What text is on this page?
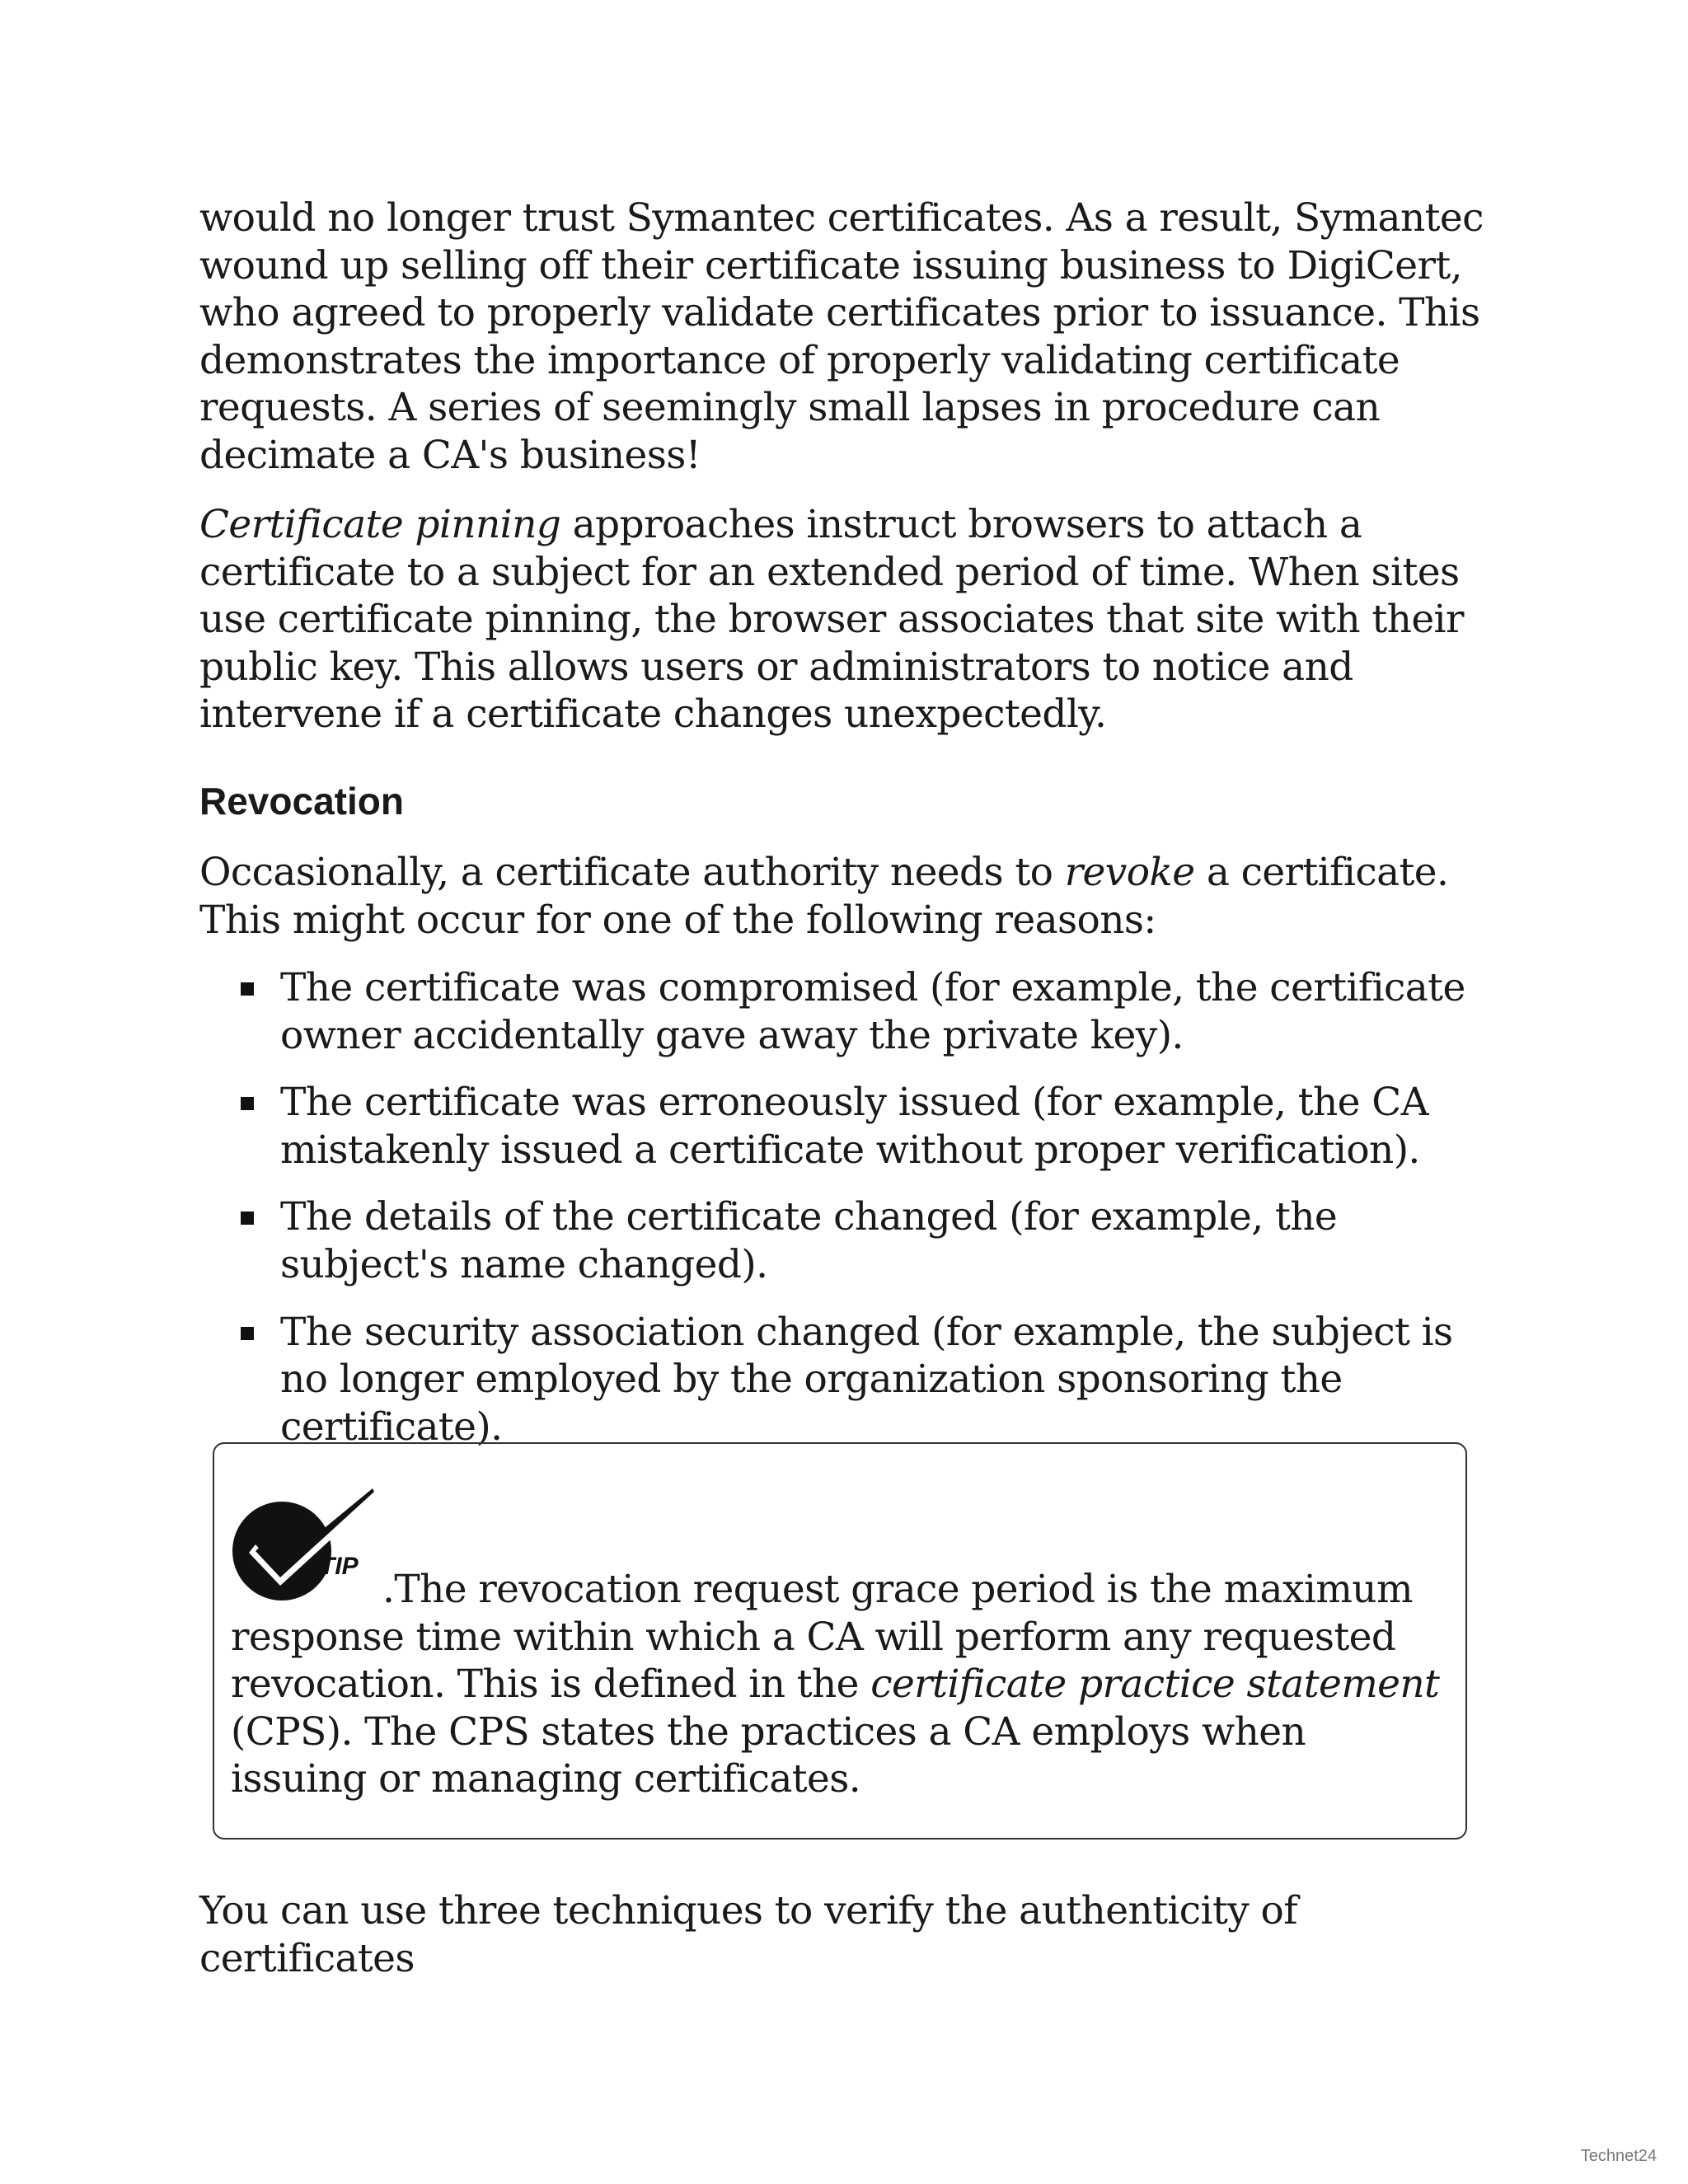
would no longer trust Symantec certificates. As a result, Symantec wound up selling off their certificate issuing business to DigiCert, who agreed to properly validate certificates prior to issuance. This demonstrates the importance of properly validating certificate requests. A series of seemingly small lapses in procedure can decimate a CA's business!

Certificate pinning approaches instruct browsers to attach a certificate to a subject for an extended period of time. When sites use certificate pinning, the browser associates that site with their public key. This allows users or administrators to notice and intervene if a certificate changes unexpectedly.

Revocation

Occasionally, a certificate authority needs to revoke a certificate. This might occur for one of the following reasons:

The certificate was compromised (for example, the certificate owner accidentally gave away the private key).
The certificate was erroneously issued (for example, the CA mistakenly issued a certificate without proper verification).
The details of the certificate changed (for example, the subject's name changed).
The security association changed (for example, the subject is no longer employed by the organization sponsoring the certificate).
TIP

.The revocation request grace period is the maximum response time within which a CA will perform any requested revocation. This is defined in the certificate practice statement (CPS). The CPS states the practices a CA employs when issuing or managing certificates.

You can use three techniques to verify the authenticity of certificates

Technet24
